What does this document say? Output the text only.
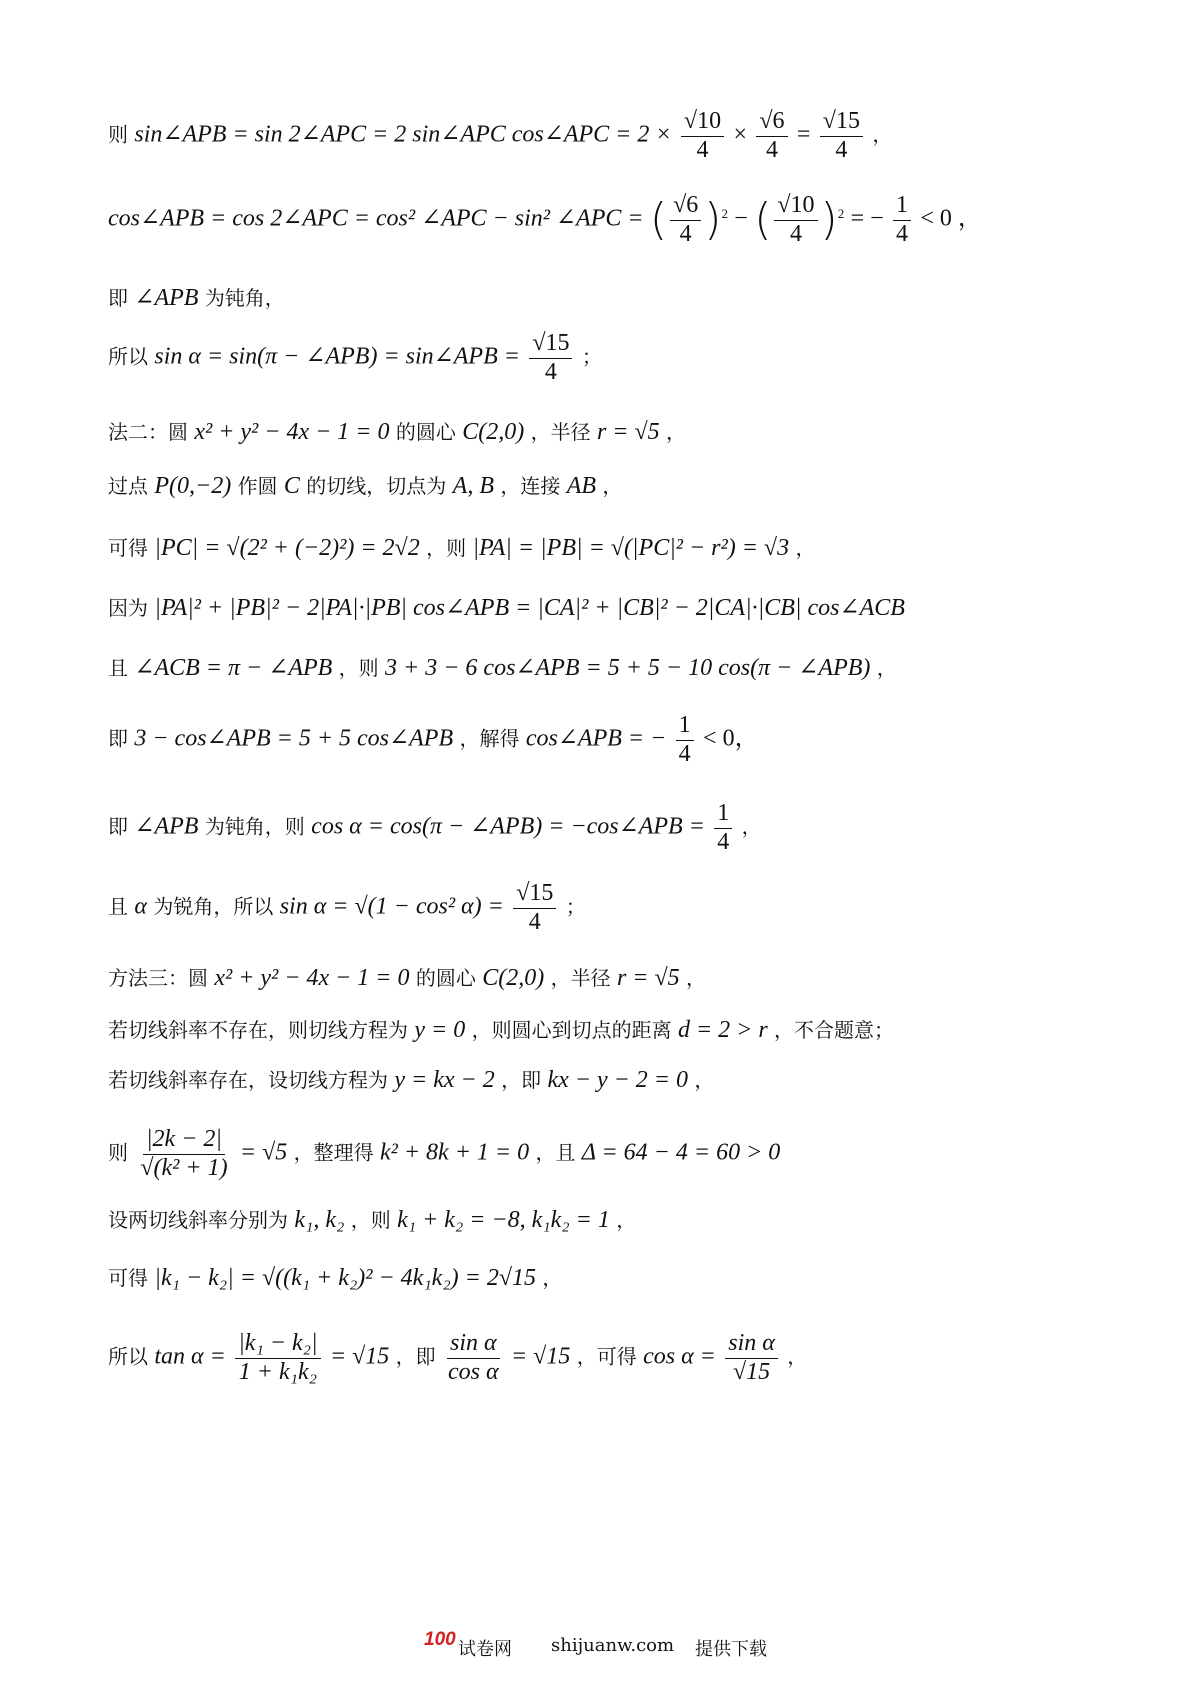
则 sin∠APB = sin 2∠APC = 2 sin∠APC cos∠APC = $2 \times \frac{√10}{4} \times \frac{√6}{4} = \frac{√15}{4}$ ，
cos∠APB = cos 2∠APC = cos² ∠APC − sin² ∠APC = ( $\frac{√6}{4} )^2$ − ( $\frac{√10}{4} )^2$ = − $\frac{1}{4} < 0$ ，
即 ∠APB 为钝角，
所以 sin α = sin(π − ∠APB) = sin∠APB = $\frac{√15}{4}$ ；
法二：圆 x² + y² − 4x − 1 = 0 的圆心 C(2,0) ，半径 r = √5 ，
过点 P(0,−2) 作圆 C 的切线，切点为 A, B ，连接 AB ，
可得 |PC| = √(2² + (−2)²) = 2√2 ，则 |PA| = |PB| = √(|PC|² − r²) = √3 ，
因为 |PA|² + |PB|² − 2|PA|·|PB| cos∠APB = |CA|² + |CB|² − 2|CA|·|CB| cos∠ACB
且 ∠ACB = π − ∠APB ，则 3 + 3 − 6 cos∠APB = 5 + 5 − 10 cos(π − ∠APB) ，
即 3 − cos∠APB = 5 + 5 cos∠APB ，解得 cos∠APB = − $\frac{1}{4} < 0$，
即 ∠APB 为钝角，则 cos α = cos(π − ∠APB) = −cos∠APB = $\frac{1}{4}$ ，
且 α 为锐角，所以 sin α = √(1 − cos² $\alpha) = \frac{√15}{4}$ ；
方法三：圆 x² + y² − 4x − 1 = 0 的圆心 C(2,0) ，半径 r = √5 ，
若切线斜率不存在，则切线方程为 y = 0 ，则圆心到切点的距离 d = 2 > r ，不合题意；
若切线斜率存在，设切线方程为 y = kx − 2 ，即 kx − y − 2 = 0 ，
则 $\frac{|2k - 2|}{\text{√(k² + 1)}} = √5$ ，整理得 k² + 8k + 1 = 0 ，且 Δ = 64 − 4 = 60 > 0
设两切线斜率分别为 k₁, k₂ ，则 k₁ + k₂ = −8, k₁k₂ = 1 ，
可得 |k₁ − k₂| = √((k₁ + k₂)² − 4k₁k₂) = 2√15 ，
所以 $\tan \alpha = \frac{\text{|k₁ − k₂|}}{\text{1 + k₁k₂}} = √15$ ，即 $\frac{\text{sin α}}{\text{cos α}} = √15$ ，可得 $\cos \alpha = \frac{\text{sin α}}{√15}$ ，
100 试卷网 shijuanw.com 提供下载
